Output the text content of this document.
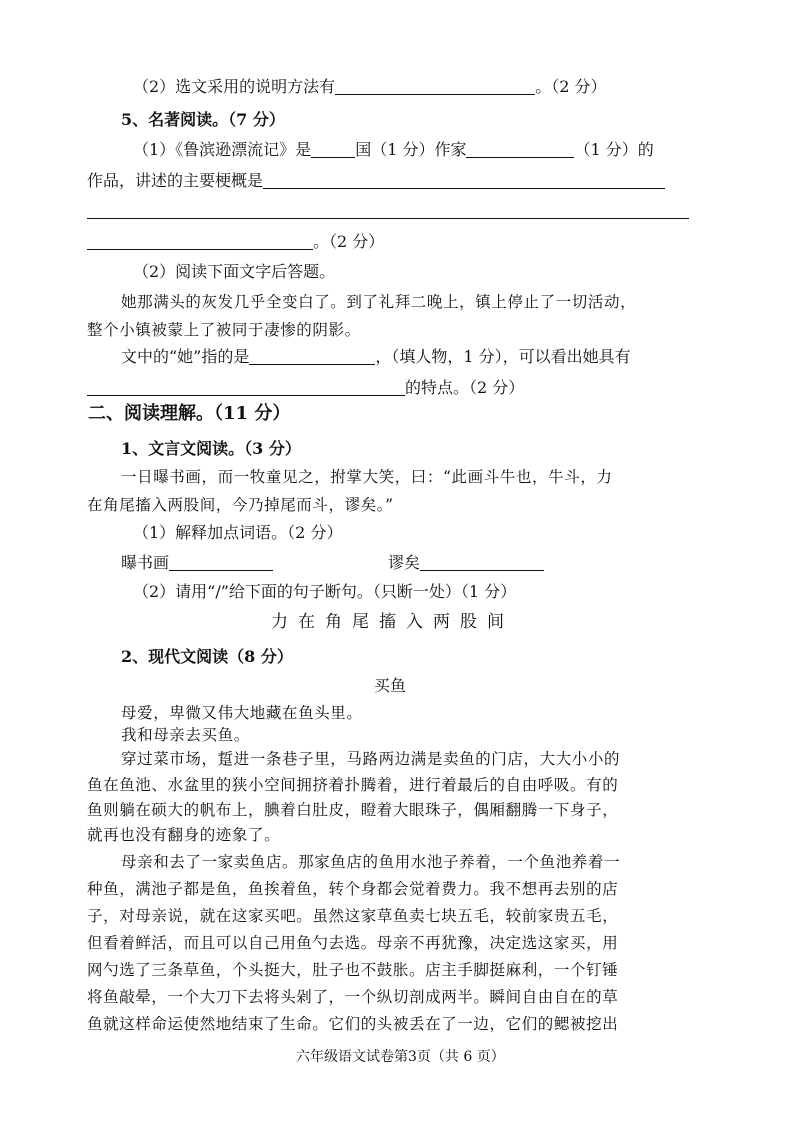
（2）选文采用的说明方法有	。（2 分）
5、名著阅读。（7 分）
（1）《鲁滨逊漂流记》是	国（1 分）作家	（1 分）的
作品，讲述的主要梗概是
。（2 分）
（2）阅读下面文字后答题。
她那满头的灰发几乎全变白了。到了礼拜二晚上，镇上停止了一切活动，
整个小镇被蒙上了被同于凄惨的阴影。
文中的“她”指的是	，（填人物，1 分），可以看出她具有
的特点。（2 分）
二、阅读理解。（11 分）
1、文言文阅读。（3 分）
一日曝书画，而一牧童见之，拊掌大笑，曰：“此画斗牛也，牛斗，力
在角尾搐入两股间，今乃掉尾而斗，谬矣。”
（1）解释加点词语。（2 分）
曝书画	谬矣
（2）请用“/”给下面的句子断句。（只断一处）（1 分）
力在角尾搐入两股间
2、现代文阅读（8 分）
买鱼
母爱，卑微又伟大地藏在鱼头里。
我和母亲去买鱼。
穿过菜市场，踅进一条巷子里，马路两边满是卖鱼的门店，大大小小的
鱼在鱼池、水盆里的狭小空间拥挤着扑腾着，进行着最后的自由呼吸。有的
鱼则躺在硕大的帆布上，腆着白肚皮，瞪着大眼珠子，偶厢翻腾一下身子，
就再也没有翻身的迹象了。
母亲和去了一家卖鱼店。那家鱼店的鱼用水池子养着，一个鱼池养着一
种鱼，满池子都是鱼，鱼挨着鱼，转个身都会觉着费力。我不想再去别的店
子，对母亲说，就在这家买吧。虽然这家草鱼卖七块五毛，较前家贵五毛，
但看着鲜活，而且可以自己用鱼勺去选。母亲不再犹豫，决定选这家买，用
网勺选了三条草鱼，个头挺大，肚子也不鼓胀。店主手脚挺麻利，一个钉锤
将鱼敲晕，一个大刀下去将头剁了，一个纵切剖成两半。瞬间自由自在的草
鱼就这样命运使然地结束了生命。它们的头被丢在了一边，它们的鳃被挖出
六年级语文试卷第3页（共 6 页）
